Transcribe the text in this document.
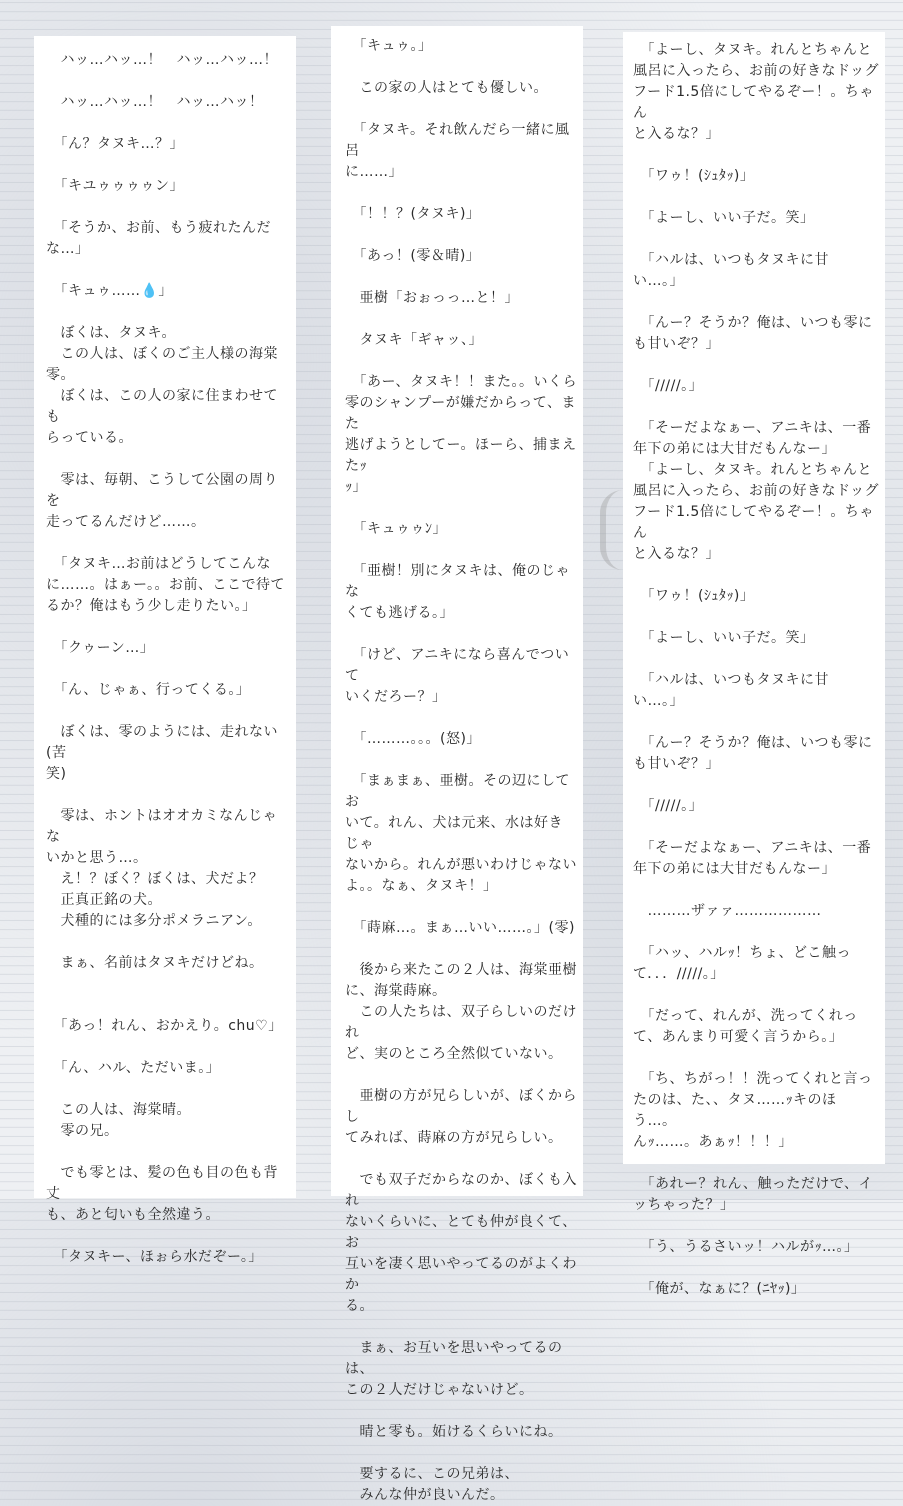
　ハッ…ハッ…！　ハッ…ハッ…！

　ハッ…ハッ…！　ハッ…ハッ！

　「ん？タヌキ…？」

　「キユゥゥゥゥン」

　「そうか、お前、もう疲れたんだ
な…」

　「キュゥ……💧」

　ぼくは、タヌキ。
　この人は、ぼくのご主人様の海棠
零。
　ぼくは、この人の家に住まわせても
らっている。

　零は、毎朝、こうして公園の周りを
走ってるんだけど……。

　「タヌキ…お前はどうしてこんな
に……。はぁー。。お前、ここで待て
るか？俺はもう少し走りたい。」

　「クゥーン…」

　「ん、じゃぁ、行ってくる。」

　ぼくは、零のようには、走れない(苦
笑)

　零は、ホントはオオカミなんじゃな
いかと思う…。
　え！？ぼく？ぼくは、犬だよ？
　正真正銘の犬。
　犬種的には多分ポメラニアン。

　まぁ、名前はタヌキだけどね。

　「あっ！れん、おかえり。chu♡」

　「ん、ハル、ただいま。」

　この人は、海棠晴。
　零の兄。

　でも零とは、髪の色も目の色も背丈
も、あと匂いも全然違う。

　「タヌキー、ほぉら水だぞー。」

　「キュゥ。」

　この家の人はとても優しい。

　「タヌキ。それ飲んだら一緒に風呂
に……」

　「！！？(タヌキ)」

　「あっ！(零＆晴)」

　亜樹「おぉっっ…と！」

　タヌキ「ギャッ、」

　「あー、タヌキ！！また。。いくら
零のシャンプーが嫌だからって、また
逃げようとしてー。ほーら、捕まえたｯ
ｯ」

　「キュゥゥﾝ」

　「亜樹！別にタヌキは、俺のじゃな
くても逃げる。」

　「けど、アニキになら喜んでついて
いくだろー？」

　「………。。。(怒)」

　「まぁまぁ、亜樹。その辺にしてお
いて。れん、犬は元来、水は好きじゃ
ないから。れんが悪いわけじゃない
よ。。なぁ、タヌキ！」

　「蒔麻…。まぁ…いい……。」(零)

　後から来たこの２人は、海棠亜樹
に、海棠蒔麻。
　この人たちは、双子らしいのだけれ
ど、実のところ全然似ていない。

　亜樹の方が兄らしいが、ぼくからし
てみれば、蒔麻の方が兄らしい。

　でも双子だからなのか、ぼくも入れ
ないくらいに、とても仲が良くて、お
互いを凄く思いやってるのがよくわか
る。

　まぁ、お互いを思いやってるのは、
この２人だけじゃないけど。

　晴と零も。妬けるくらいにね。

　要するに、この兄弟は、
　みんな仲が良いんだ。

　「よーし、タヌキ。れんとちゃんと
風呂に入ったら、お前の好きなドッグ
フード1.5倍にしてやるぞー！。ちゃん
と入るな？」

　「ワゥ！(ｼｭﾀｯ)」

　「よーし、いい子だ。笑」

　「ハルは、いつもタヌキに甘
い…。」

　「んー？そうか？俺は、いつも零に
も甘いぞ？」

　「/////。」

　「そーだよなぁー、アニキは、一番
年下の弟には大甘だもんなー」
　「よーし、タヌキ。れんとちゃんと
風呂に入ったら、お前の好きなドッグ
フード1.5倍にしてやるぞー！。ちゃん
と入るな？」

　「ワゥ！(ｼｭﾀｯ)」

　「よーし、いい子だ。笑」

　「ハルは、いつもタヌキに甘
い…。」

　「んー？そうか？俺は、いつも零に
も甘いぞ？」

　「/////。」

　「そーだよなぁー、アニキは、一番
年下の弟には大甘だもんなー」

　………ザァァ………………

　「ハッ、ハルｯ！ちょ、どこ触っ
て．．．/////。」

　「だって、れんが、洗ってくれっ
て、あんまり可愛く言うから。」

　「ち、ちがっ！！洗ってくれと言っ
たのは、た、、タヌ……ｯキのほう…。
んｯ……。あぁｯ！！！」

　「あれー？れん、触っただけで、イ
ッちゃった？」

　「う、うるさいッ！ハルがｯ…。」

　「俺が、なぁに？(ﾆﾔｯ)」
